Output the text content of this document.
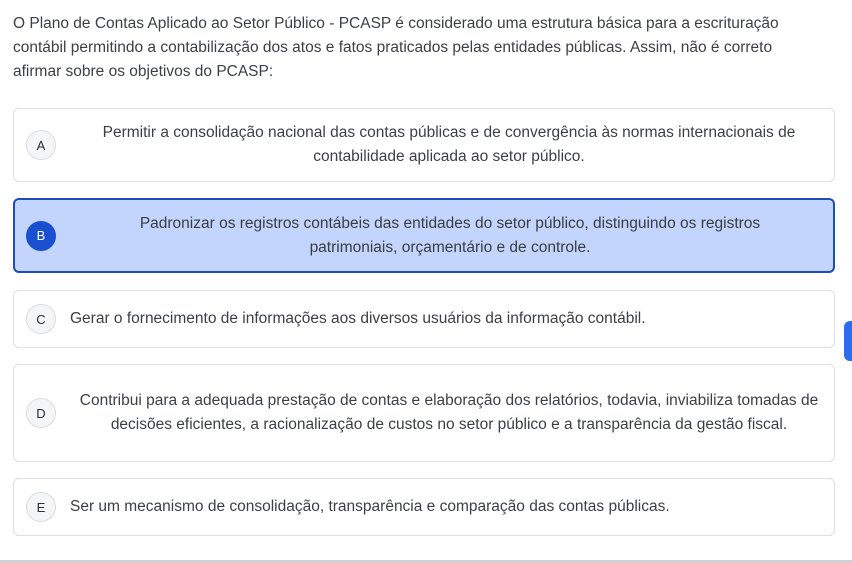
O Plano de Contas Aplicado ao Setor Público - PCASP é considerado uma estrutura básica para a escrituração contábil permitindo a contabilização dos atos e fatos praticados pelas entidades públicas. Assim, não é correto afirmar sobre os objetivos do PCASP:
A
Permitir a consolidação nacional das contas públicas e de convergência às normas internacionais de contabilidade aplicada ao setor público.
B
Padronizar os registros contábeis das entidades do setor público, distinguindo os registros patrimoniais, orçamentário e de controle.
C	Gerar o fornecimento de informações aos diversos usuários da informação contábil.
D
Contribui para a adequada prestação de contas e elaboração dos relatórios, todavia, inviabiliza tomadas de decisões eficientes, a racionalização de custos no setor público e a transparência da gestão fiscal.
E	Ser um mecanismo de consolidação, transparência e comparação das contas públicas.
